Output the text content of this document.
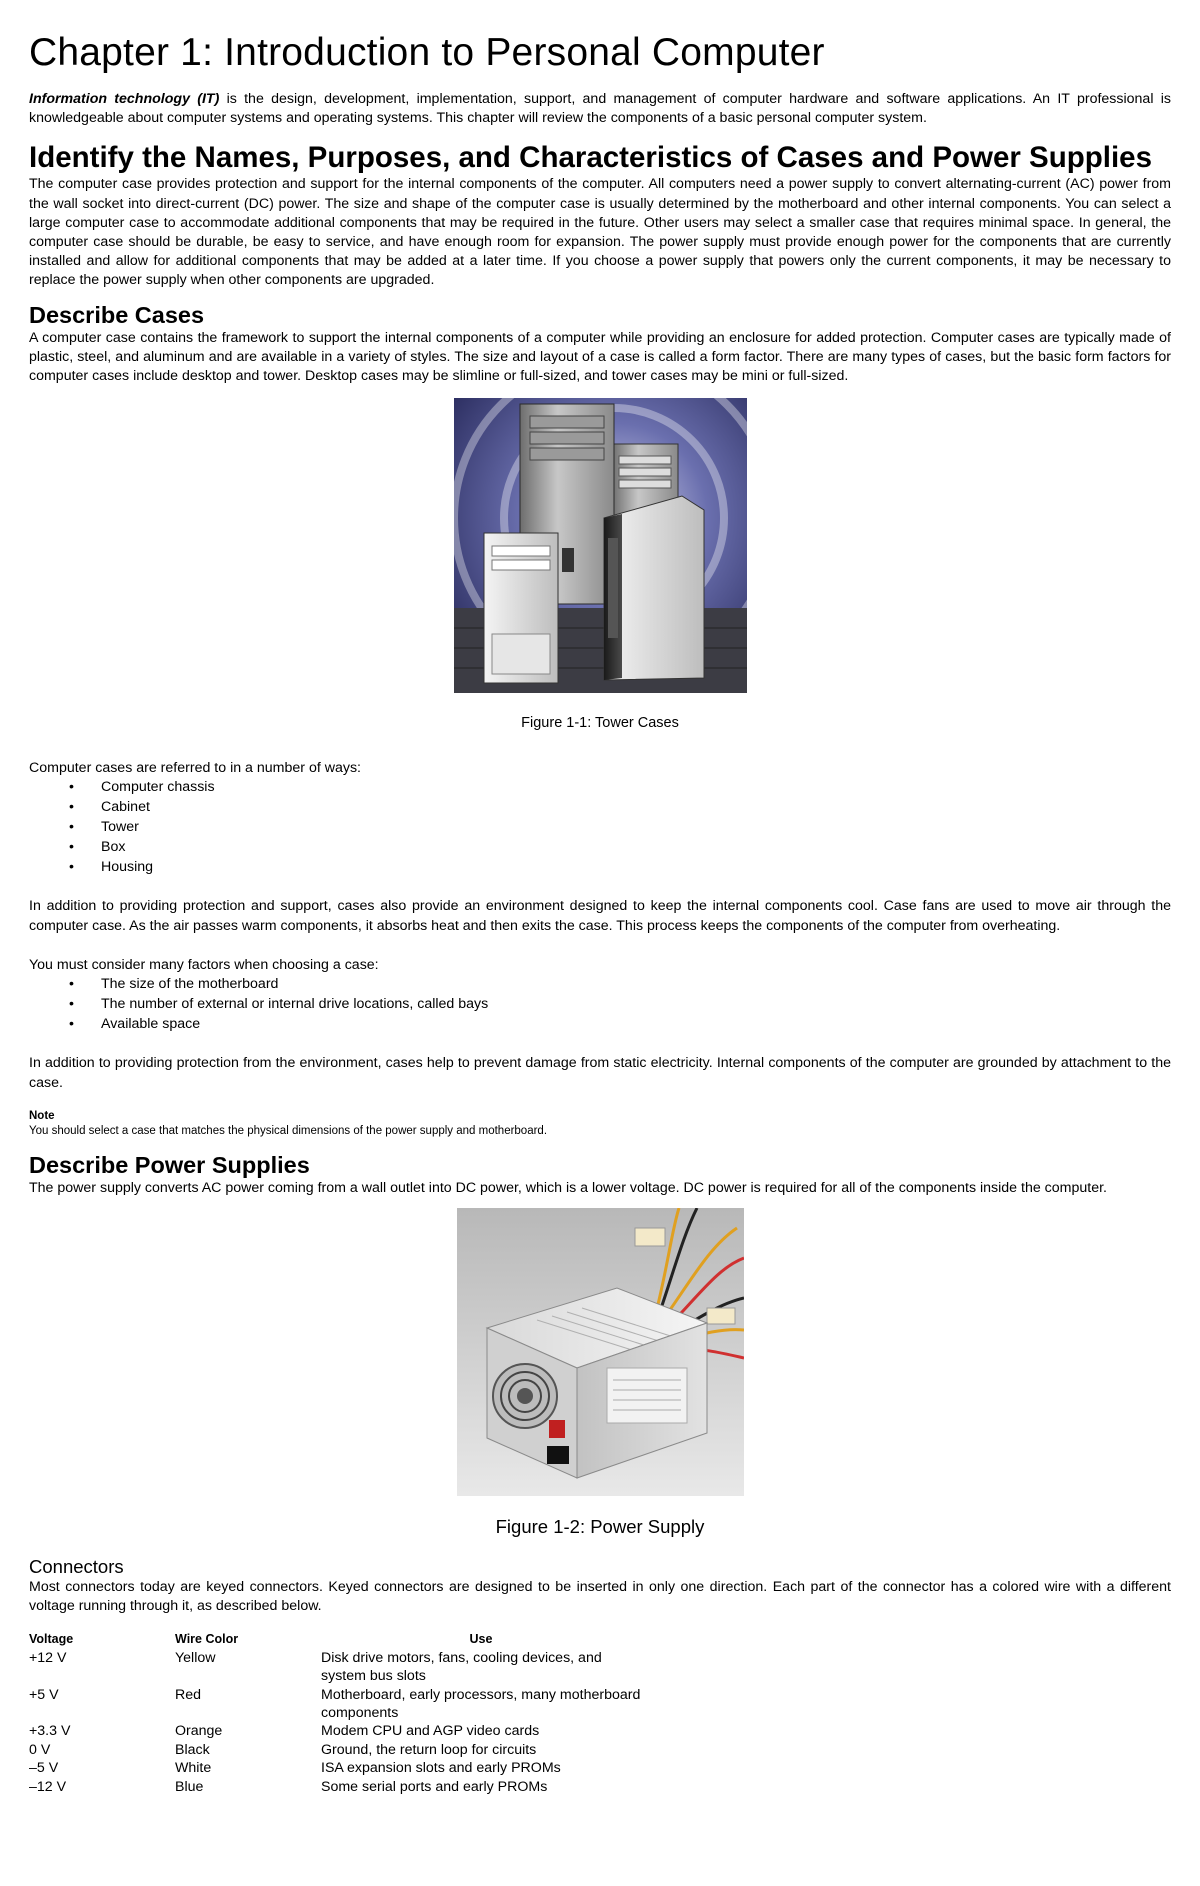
Chapter 1: Introduction to Personal Computer

Information technology (IT) is the design, development, implementation, support, and management of computer hardware and software applications. An IT professional is knowledgeable about computer systems and operating systems. This chapter will review the components of a basic personal computer system.

Identify the Names, Purposes, and Characteristics of Cases and Power Supplies

The computer case provides protection and support for the internal components of the computer. All computers need a power supply to convert alternating-current (AC) power from the wall socket into direct-current (DC) power. The size and shape of the computer case is usually determined by the motherboard and other internal components. You can select a large computer case to accommodate additional components that may be required in the future. Other users may select a smaller case that requires minimal space. In general, the computer case should be durable, be easy to service, and have enough room for expansion. The power supply must provide enough power for the components that are currently installed and allow for additional components that may be added at a later time. If you choose a power supply that powers only the current components, it may be necessary to replace the power supply when other components are upgraded.

Describe Cases

A computer case contains the framework to support the internal components of a computer while providing an enclosure for added protection. Computer cases are typically made of plastic, steel, and aluminum and are available in a variety of styles. The size and layout of a case is called a form factor. There are many types of cases, but the basic form factors for computer cases include desktop and tower. Desktop cases may be slimline or full-sized, and tower cases may be mini or full-sized.

Figure 1-1: Tower Cases

Computer cases are referred to in a number of ways:

• Computer chassis
• Cabinet
• Tower
• Box
• Housing

In addition to providing protection and support, cases also provide an environment designed to keep the internal components cool. Case fans are used to move air through the computer case. As the air passes warm components, it absorbs heat and then exits the case. This process keeps the components of the computer from overheating.

You must consider many factors when choosing a case:

• The size of the motherboard
• The number of external or internal drive locations, called bays
• Available space

In addition to providing protection from the environment, cases help to prevent damage from static electricity. Internal components of the computer are grounded by attachment to the case.

Note
You should select a case that matches the physical dimensions of the power supply and motherboard.
Describe Power Supplies

The power supply converts AC power coming from a wall outlet into DC power, which is a lower voltage. DC power is required for all of the components inside the computer.

Figure 1-2: Power Supply
Connectors

Most connectors today are keyed connectors. Keyed connectors are designed to be inserted in only one direction. Each part of the connector has a colored wire with a different voltage running through it, as described below.

Voltage	Wire Color	Use
+12 V	Yellow	Disk drive motors, fans, cooling devices, and system bus slots
+5 V	Red	Motherboard, early processors, many motherboard components
+3.3 V	Orange	Modem CPU and AGP video cards
0 V	Black	Ground, the return loop for circuits
–5 V	White	ISA expansion slots and early PROMs
–12 V	Blue	Some serial ports and early PROMs
